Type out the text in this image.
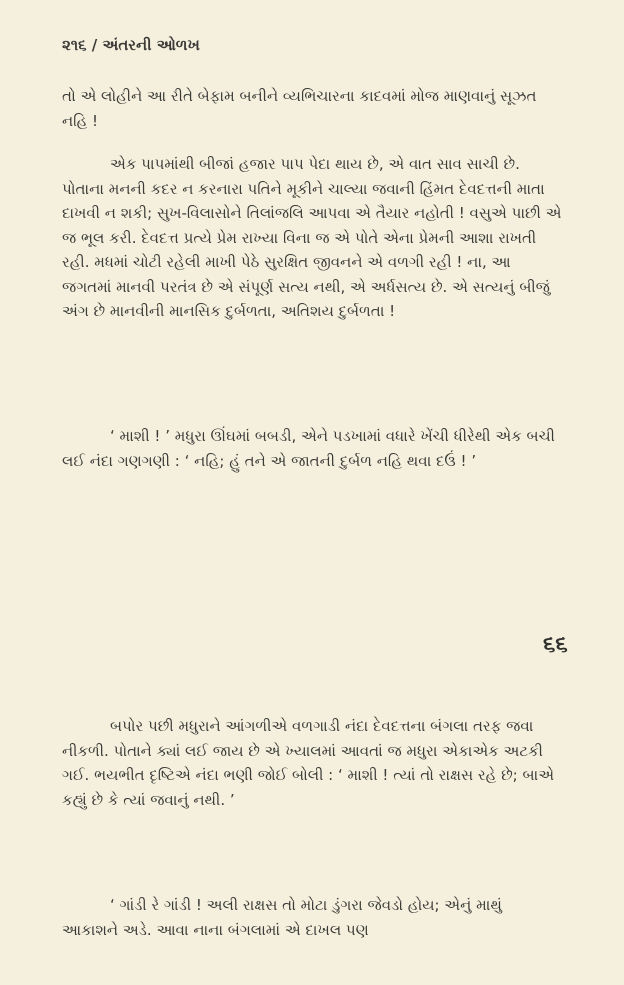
૨૧૬ / અંતરની ઓળખ

તો એ લોહીને આ રીતે બેફામ બનીને વ્યભિચારના કાદવમાં મોજ માણવાનું સૂઝત નહિ !

એક પાપમાંથી બીજાં હજાર પાપ પેદા થાય છે, એ વાત સાવ સાચી છે. પોતાના મનની કદર ન કરનારા પતિને મૂકીને ચાલ્યા જવાની હિંમત દેવદત્તની માતા દાખવી ન શકી; સુખ-વિલાસોને તિલાંજલિ આપવા એ તૈયાર નહોતી ! વસુએ પાછી એ જ ભૂલ કરી. દેવદત્ત પ્રત્યે પ્રેમ રાખ્યા વિના જ એ પોતે એના પ્રેમની આશા રાખતી રહી. મધમાં ચોટી રહેલી માખી પેઠે સુરક્ષિત જીવનને એ વળગી રહી ! ના, આ જગતમાં માનવી પરતંત્ર છે એ સંપૂર્ણ સત્ય નથી, એ અર્ધસત્ય છે. એ સત્યનું બીજું અંગ છે માનવીની માનસિક દુર્બળતા, અતિશય દુર્બળતા !

‘ માશી ! ’ મધુરા ઊંઘમાં બબડી, એને પડખામાં વધારે ખેંચી ધીરેથી એક બચી લઈ નંદા ગણગણી : ‘ નહિ; હું તને એ જાતની દુર્બળ નહિ થવા દઉં ! ’

૬૬

બપોર પછી મધુરાને આંગળીએ વળગાડી નંદા દેવદત્તના બંગલા તરફ જવા નીકળી. પોતાને ક્યાં લઈ જાય છે એ ખ્યાલમાં આવતાં જ મધુરા એકાએક અટકી ગઈ. ભયભીત દૃષ્ટિએ નંદા ભણી જોઈ બોલી : ‘ માશી ! ત્યાં તો રાક્ષસ રહે છે; બાએ કહ્યું છે કે ત્યાં જવાનું નથી. ’

‘ ગાંડી રે ગાંડી ! અલી રાક્ષસ તો મોટા ડુંગરા જેવડો હોય; એનું માથું આકાશને અડે. આવા નાના બંગલામાં એ દાખલ પણ
